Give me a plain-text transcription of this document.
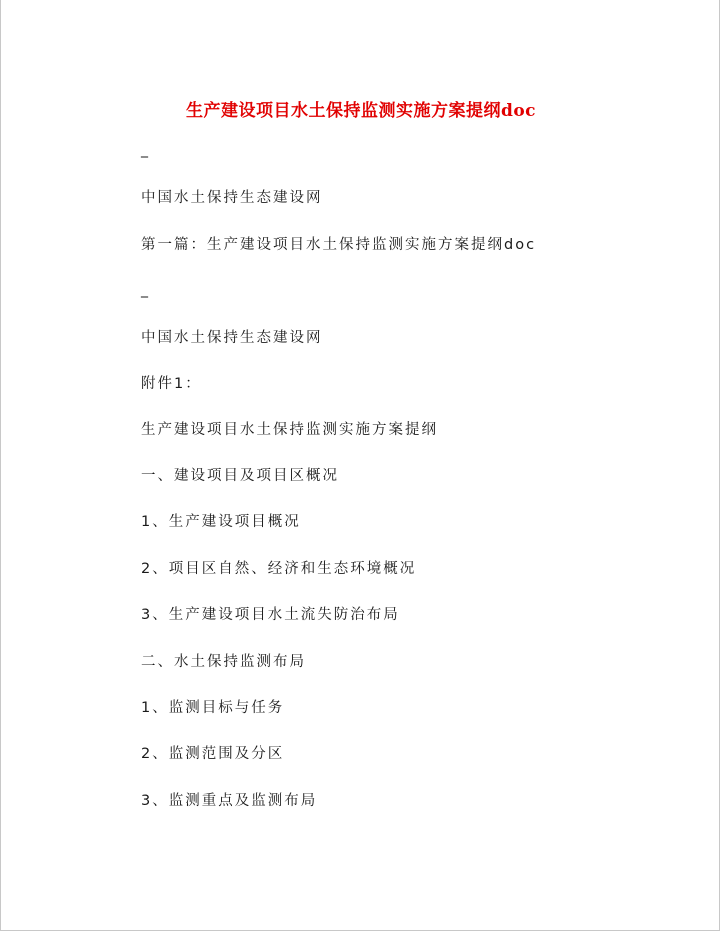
生产建设项目水土保持监测实施方案提纲doc
_
中国水土保持生态建设网
第一篇：生产建设项目水土保持监测实施方案提纲doc
_
中国水土保持生态建设网
附件1：
生产建设项目水土保持监测实施方案提纲
一、建设项目及项目区概况
1、生产建设项目概况
2、项目区自然、经济和生态环境概况
3、生产建设项目水土流失防治布局
二、水土保持监测布局
1、监测目标与任务
2、监测范围及分区
3、监测重点及监测布局
